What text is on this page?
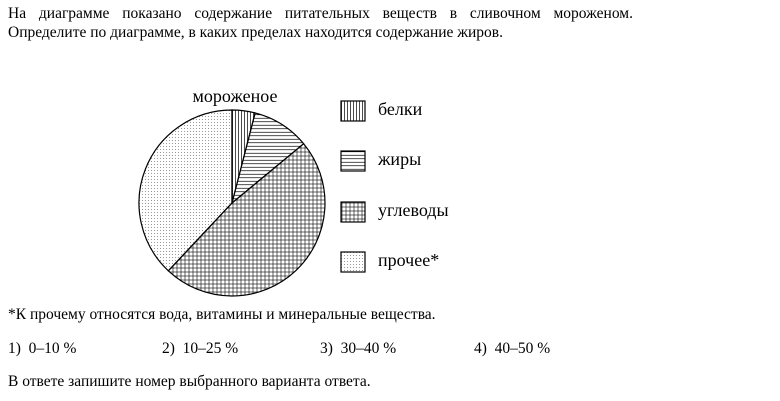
На диаграмме показано содержание питательных веществ в сливочном мороженом. Определите по диаграмме, в каких пределах находится содержание жиров.
мороженое
белки
жиры
углеводы
прочее*
*К прочему относятся вода, витамины и минеральные вещества.
1) 0–10 %	2) 10–25 %	3) 30–40 %	4) 40–50 %
В ответе запишите номер выбранного варианта ответа.
